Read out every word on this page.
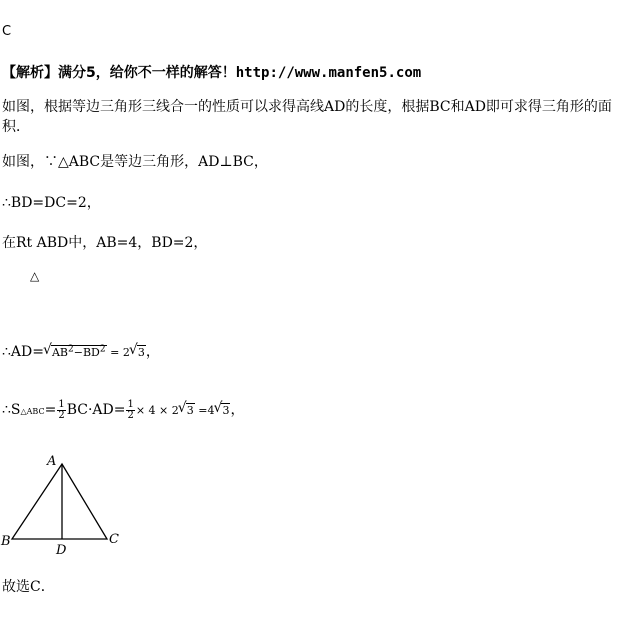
C
【解析】满分5，给你不一样的解答！http://www.manfen5.com
如图，根据等边三角形三线合一的性质可以求得高线AD的长度，根据BC和AD即可求得三角形的面积．
如图，∵△ABC是等边三角形，AD⊥BC，
∴BD=DC=2，
在Rt ABD中，AB=4，BD=2，
△
∴AD=√ $AB^2-BD^2 = 2√$ 3，
∴S△ABC= $\frac{1}{2} BC\cdot AD= \frac{1}{2} \times 4 \times 2√$ 3 =4√ 3，
A
B	C
D
故选C．
